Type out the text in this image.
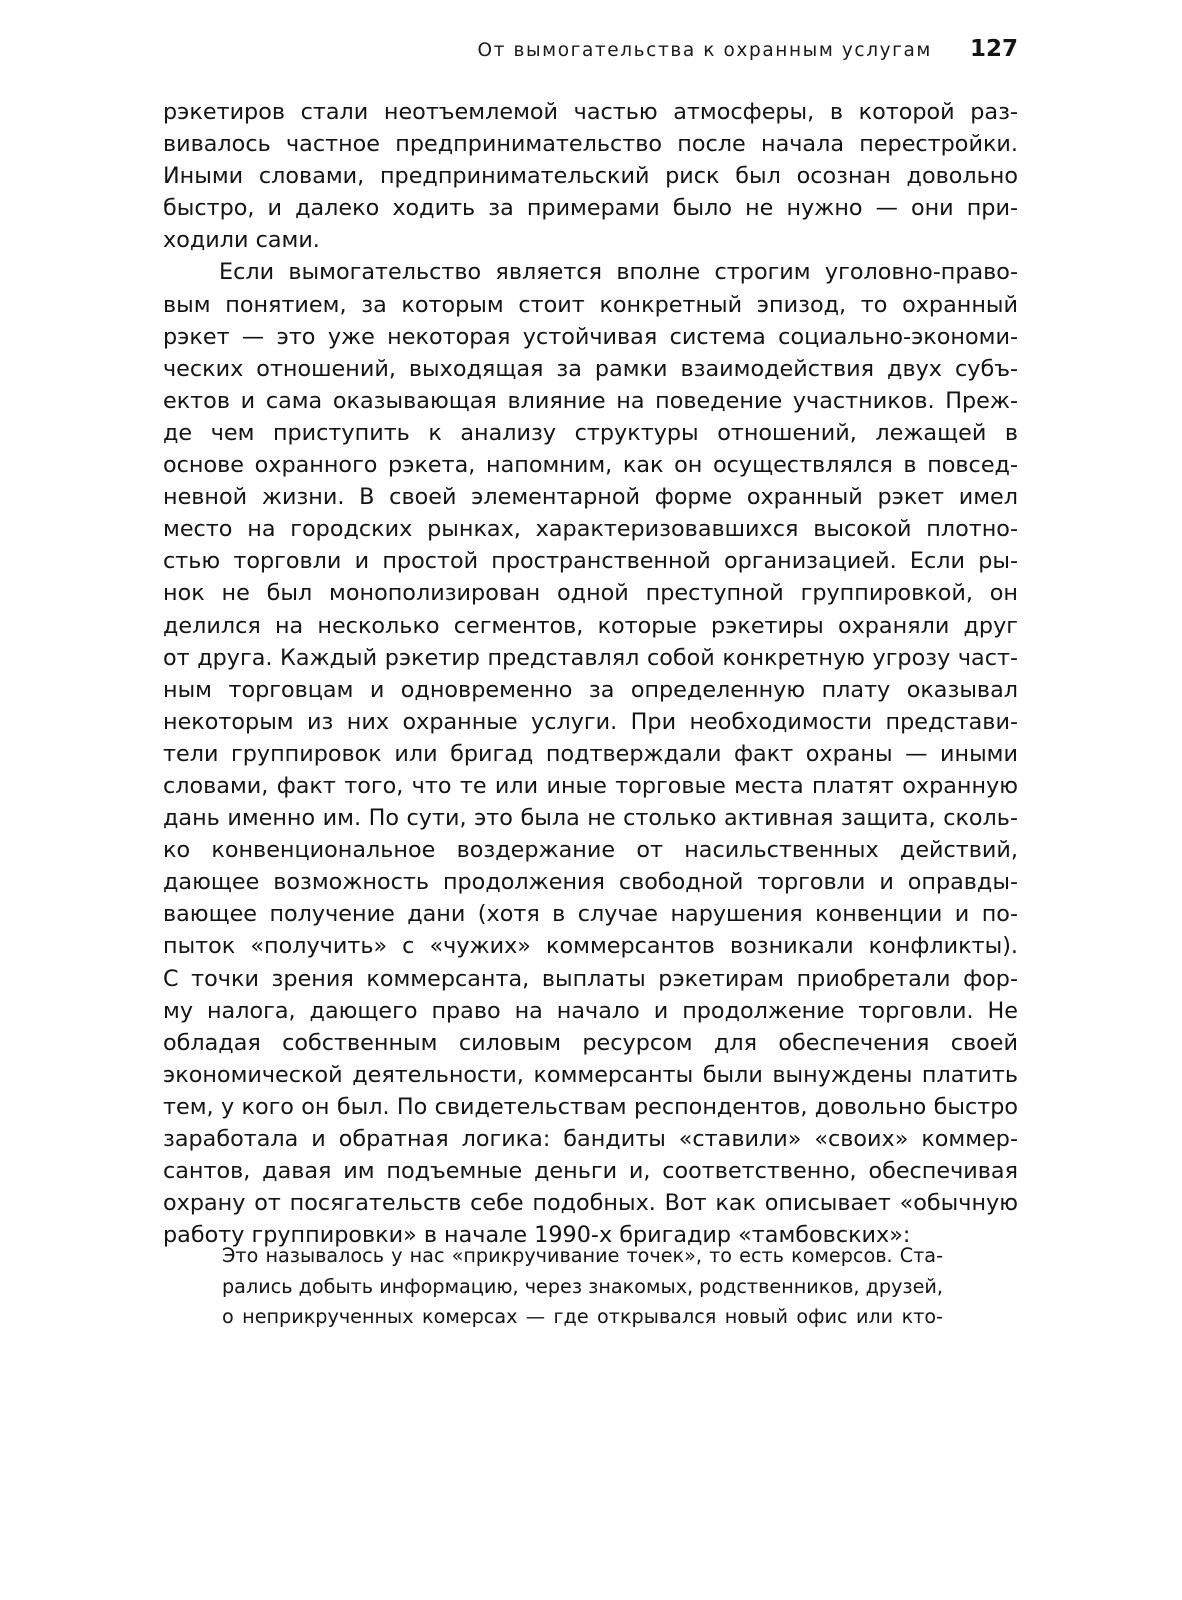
От вымогательства к охранным услугам 127
рэкетиров стали неотъемлемой частью атмосферы, в которой раз-
вивалось частное предпринимательство после начала перестройки.
Иными словами, предпринимательский риск был осознан довольно
быстро, и далеко ходить за примерами было не нужно — они при-
ходили сами.
Если вымогательство является вполне строгим уголовно-право-
вым понятием, за которым стоит конкретный эпизод, то охранный
рэкет — это уже некоторая устойчивая система социально-экономи-
ческих отношений, выходящая за рамки взаимодействия двух субъ-
ектов и сама оказывающая влияние на поведение участников. Преж-
де чем приступить к анализу структуры отношений, лежащей в
основе охранного рэкета, напомним, как он осуществлялся в повсед-
невной жизни. В своей элементарной форме охранный рэкет имел
место на городских рынках, характеризовавшихся высокой плотно-
стью торговли и простой пространственной организацией. Если ры-
нок не был монополизирован одной преступной группировкой, он
делился на несколько сегментов, которые рэкетиры охраняли друг
от друга. Каждый рэкетир представлял собой конкретную угрозу част-
ным торговцам и одновременно за определенную плату оказывал
некоторым из них охранные услуги. При необходимости представи-
тели группировок или бригад подтверждали факт охраны — иными
словами, факт того, что те или иные торговые места платят охранную
дань именно им. По сути, это была не столько активная защита, сколь-
ко конвенциональное воздержание от насильственных действий,
дающее возможность продолжения свободной торговли и оправды-
вающее получение дани (хотя в случае нарушения конвенции и по-
пыток «получить» с «чужих» коммерсантов возникали конфликты).
С точки зрения коммерсанта, выплаты рэкетирам приобретали фор-
му налога, дающего право на начало и продолжение торговли. Не
обладая собственным силовым ресурсом для обеспечения своей
экономической деятельности, коммерсанты были вынуждены платить
тем, у кого он был. По свидетельствам респондентов, довольно быстро
заработала и обратная логика: бандиты «ставили» «своих» коммер-
сантов, давая им подъемные деньги и, соответственно, обеспечивая
охрану от посягательств себе подобных. Вот как описывает «обычную
работу группировки» в начале 1990-х бригадир «тамбовских»:
Это называлось у нас «прикручивание точек», то есть комерсов. Ста-
рались добыть информацию, через знакомых, родственников, друзей,
о неприкрученных комерсах — где открывался новый офис или кто-
